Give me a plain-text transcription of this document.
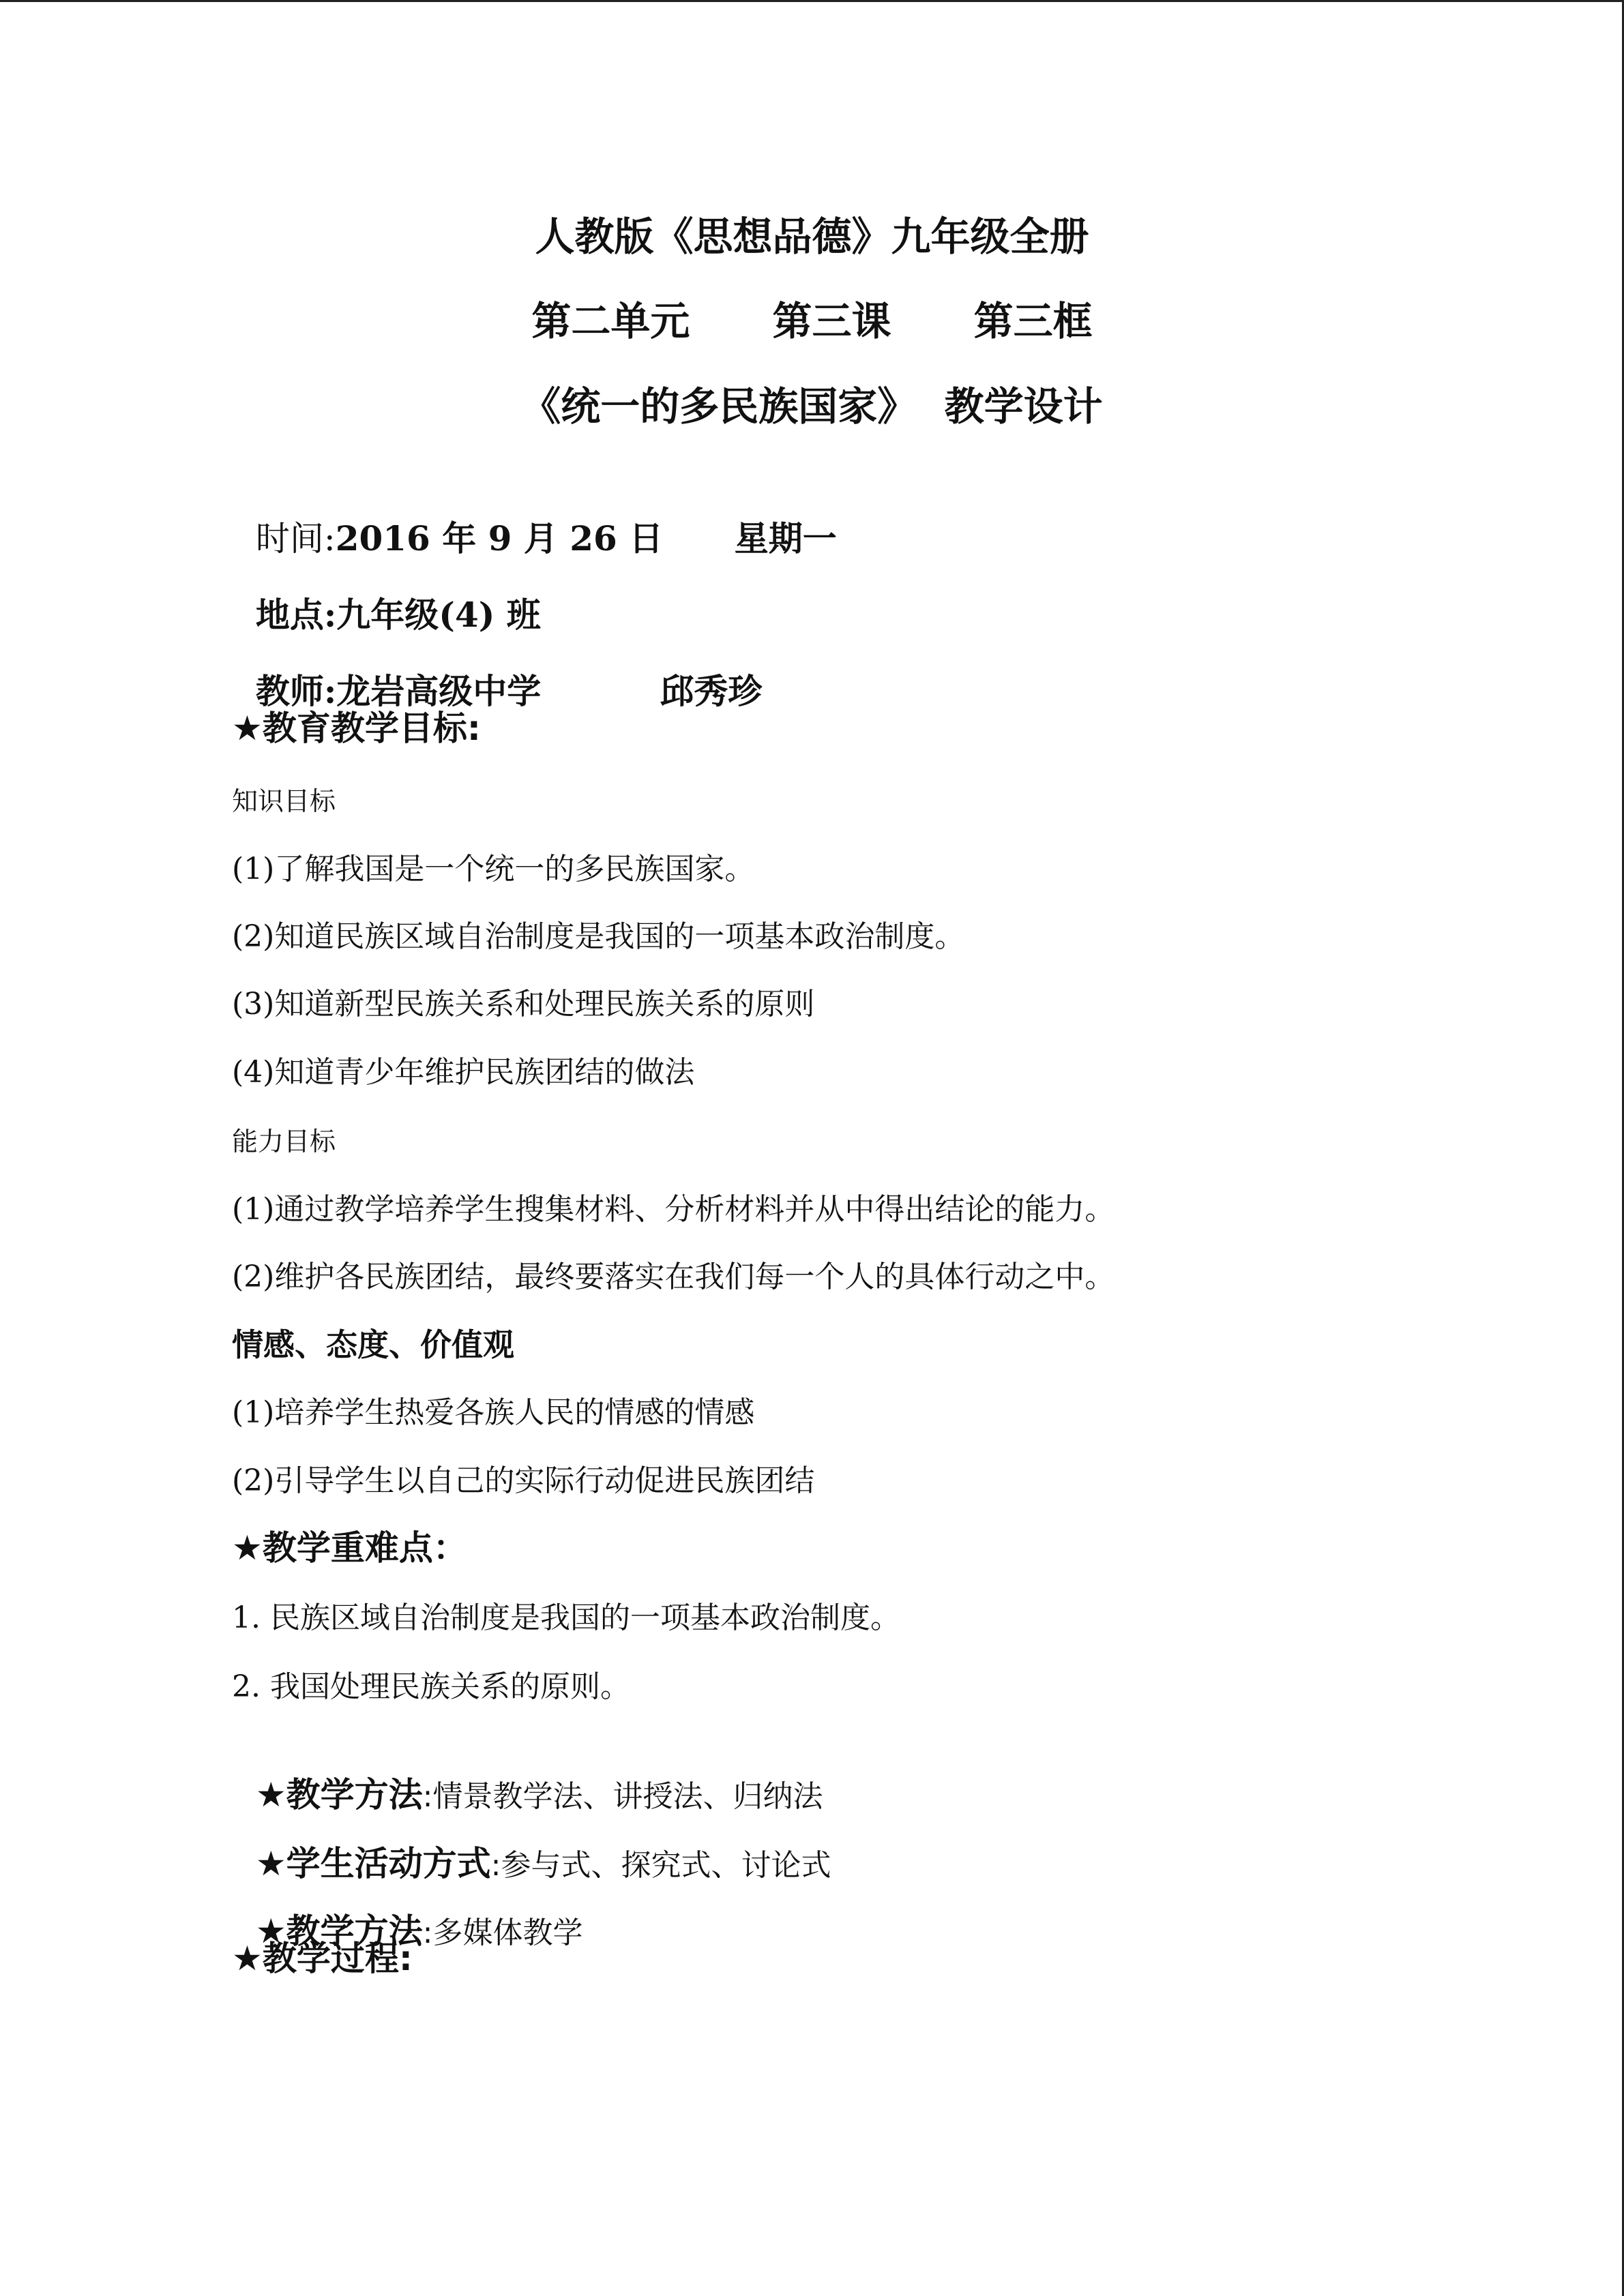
人教版《思想品德》九年级全册
第二单元      第三课      第三框
《统一的多民族国家》  教学设计

时间:2016 年 9 月 26 日      星期一

地点:九年级(4) 班

教师:龙岩高级中学          邱秀珍

★教育教学目标:
知识目标
(1)了解我国是一个统一的多民族国家。
(2)知道民族区域自治制度是我国的一项基本政治制度。
(3)知道新型民族关系和处理民族关系的原则
(4)知道青少年维护民族团结的做法
能力目标
(1)通过教学培养学生搜集材料、分析材料并从中得出结论的能力。
(2)维护各民族团结，最终要落实在我们每一个人的具体行动之中。
情感、态度、价值观
(1)培养学生热爱各族人民的情感的情感
(2)引导学生以自己的实际行动促进民族团结
★教学重难点：
1. 民族区域自治制度是我国的一项基本政治制度。
2. 我国处理民族关系的原则。

★教学方法:情景教学法、讲授法、归纳法

★学生活动方式:参与式、探究式、讨论式

★教学方法:多媒体教学

★教学过程:
